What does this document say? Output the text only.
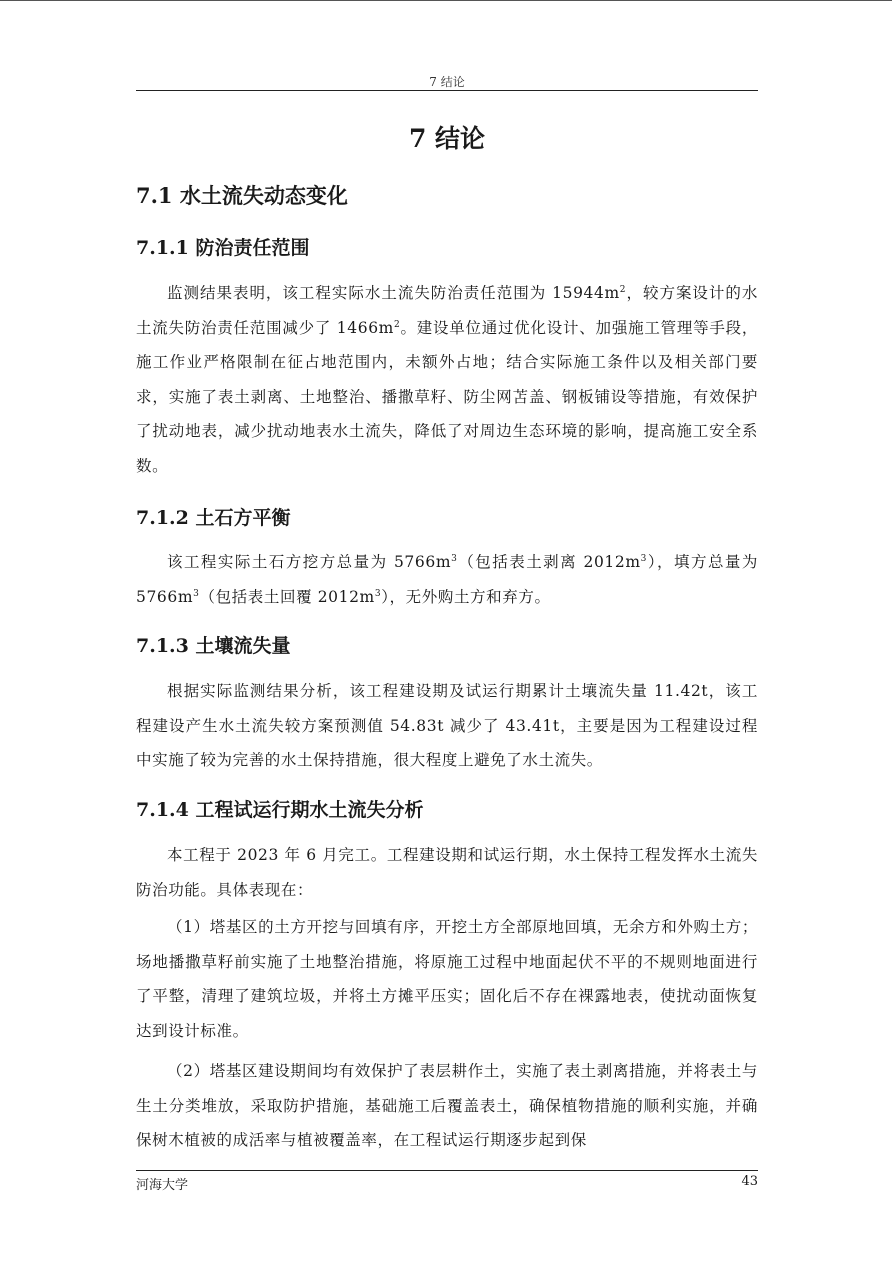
7 结论
7 结论
7.1 水土流失动态变化
7.1.1 防治责任范围

监测结果表明，该工程实际水土流失防治责任范围为 $15944m^2$，较方案设计的水土流失防治责任范围减少了 $1466m^2$。建设单位通过优化设计、加强施工管理等手段，施工作业严格限制在征占地范围内，未额外占地；结合实际施工条件以及相关部门要求，实施了表土剥离、土地整治、播撒草籽、防尘网苫盖、钢板铺设等措施，有效保护了扰动地表，减少扰动地表水土流失，降低了对周边生态环境的影响，提高施工安全系数。

7.1.2 土石方平衡

该工程实际土石方挖方总量为 $5766m^3$（包括表土剥离 $2012m^3$），填方总量为 $5766m^3$（包括表土回覆 $2012m^3$），无外购土方和弃方。

7.1.3 土壤流失量

根据实际监测结果分析，该工程建设期及试运行期累计土壤流失量 11.42t，该工程建设产生水土流失较方案预测值 54.83t 减少了 43.41t，主要是因为工程建设过程中实施了较为完善的水土保持措施，很大程度上避免了水土流失。

7.1.4 工程试运行期水土流失分析

本工程于 2023 年 6 月完工。工程建设期和试运行期，水土保持工程发挥水土流失防治功能。具体表现在：

（1）塔基区的土方开挖与回填有序，开挖土方全部原地回填，无余方和外购土方；场地播撒草籽前实施了土地整治措施，将原施工过程中地面起伏不平的不规则地面进行了平整，清理了建筑垃圾，并将土方摊平压实；固化后不存在裸露地表，使扰动面恢复达到设计标准。

（2）塔基区建设期间均有效保护了表层耕作土，实施了表土剥离措施，并将表土与生土分类堆放，采取防护措施，基础施工后覆盖表土，确保植物措施的顺利实施，并确保树木植被的成活率与植被覆盖率，在工程试运行期逐步起到保

河海大学	43
